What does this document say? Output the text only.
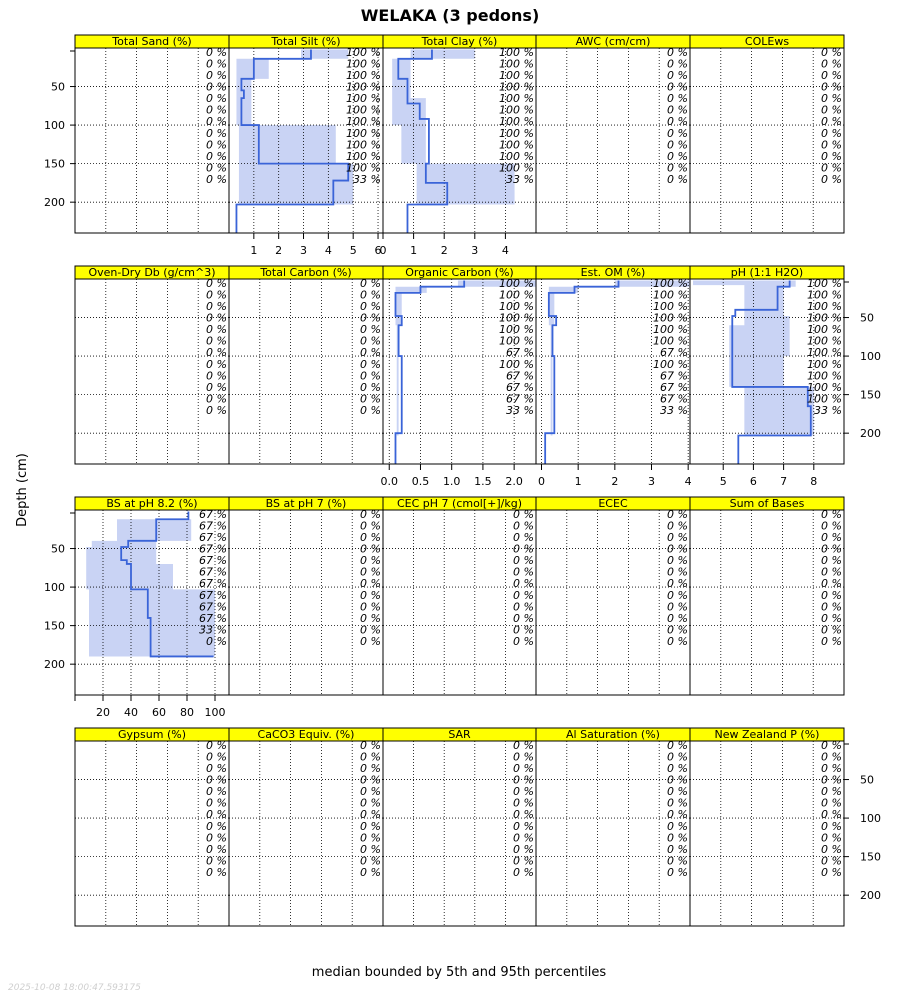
WELAKA (3 pedons)
Depth (cm)
median bounded by 5th and 95th percentiles
2025-10-08 18:00:47.593175
50
100
150
200
Total Sand (%)
0 %
0 %
0 %
0 %
0 %
0 %
0 %
0 %
0 %
0 %
0 %
0 %
Total Silt (%)
100 %
100 %
100 %
100 %
100 %
100 %
100 %
100 %
100 %
100 %
100 %
33 %
1 2 3 4 5 6
Total Clay (%)
100 %
100 %
100 %
100 %
100 %
100 %
100 %
100 %
100 %
100 %
100 %
33 %
0 1 2 3 4
AWC (cm/cm)
0 %
0 %
0 %
0 %
0 %
0 %
0 %
0 %
0 %
0 %
0 %
0 %
COLEws
0 %
0 %
0 %
0 %
0 %
0 %
0 %
0 %
0 %
0 %
0 %
0 %
50
100
150
200
Oven-Dry Db (g/cm^3)
0 %
0 %
0 %
0 %
0 %
0 %
0 %
0 %
0 %
0 %
0 %
0 %
Total Carbon (%)
0 %
0 %
0 %
0 %
0 %
0 %
0 %
0 %
0 %
0 %
0 %
0 %
Organic Carbon (%)
100 %
100 %
100 %
100 %
100 %
100 %
67 %
100 %
67 %
67 %
67 %
33 %
0.0 0.5 1.0 1.5 2.0
Est. OM (%)
100 %
100 %
100 %
100 %
100 %
100 %
67 %
100 %
67 %
67 %
67 %
33 %
0	1	2	3	4
pH (1:1 H2O)
100 %
100 %
100 %
100 %
100 %
100 %
100 %
100 %
100 %
100 %
100 %
33 %
5 6 7 8
50
100
150
200
BS at pH 8.2 (%)
67 %
67 %
67 %
67 %
67 %
67 %
67 %
67 %
67 %
67 %
33 %
0 %
20 40 60 80 100
BS at pH 7 (%)
0 %
0 %
0 %
0 %
0 %
0 %
0 %
0 %
0 %
0 %
0 %
0 %
CEC pH 7 (cmol[+]/kg)
0 %
0 %
0 %
0 %
0 %
0 %
0 %
0 %
0 %
0 %
0 %
0 %
ECEC
0 %
0 %
0 %
0 %
0 %
0 %
0 %
0 %
0 %
0 %
0 %
0 %
Sum of Bases
0 %
0 %
0 %
0 %
0 %
0 %
0 %
0 %
0 %
0 %
0 %
0 %
50
100
150
200
Gypsum (%)
0 %
0 %
0 %
0 %
0 %
0 %
0 %
0 %
0 %
0 %
0 %
0 %
CaCO3 Equiv. (%)
0 %
0 %
0 %
0 %
0 %
0 %
0 %
0 %
0 %
0 %
0 %
0 %
SAR
0 %
0 %
0 %
0 %
0 %
0 %
0 %
0 %
0 %
0 %
0 %
0 %
Al Saturation (%)
0 %
0 %
0 %
0 %
0 %
0 %
0 %
0 %
0 %
0 %
0 %
0 %
New Zealand P (%)
0 %
0 %
0 %
0 %
0 %
0 %
0 %
0 %
0 %
0 %
0 %
0 %
